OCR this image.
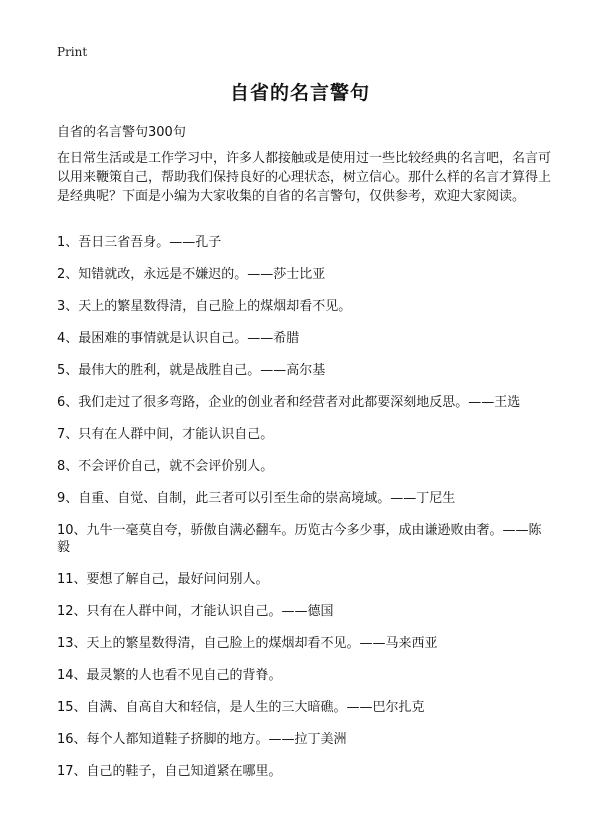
Print
自省的名言警句
自省的名言警句300句
在日常生活或是工作学习中，许多人都接触或是使用过一些比较经典的名言吧，名言可以用来鞭策自己，帮助我们保持良好的心理状态，树立信心。那什么样的名言才算得上是经典呢？下面是小编为大家收集的自省的名言警句，仅供参考，欢迎大家阅读。
1、吾日三省吾身。——孔子
2、知错就改，永远是不嫌迟的。——莎士比亚
3、天上的繁星数得清，自己脸上的煤烟却看不见。
4、最困难的事情就是认识自己。——希腊
5、最伟大的胜利，就是战胜自己。——高尔基
6、我们走过了很多弯路，企业的创业者和经营者对此都要深刻地反思。——王选
7、只有在人群中间，才能认识自己。
8、不会评价自己，就不会评价别人。
9、自重、自觉、自制，此三者可以引至生命的崇高境域。——丁尼生
10、九牛一毫莫自夸，骄傲自满必翻车。历览古今多少事，成由谦逊败由奢。——陈毅
11、要想了解自己，最好问问别人。
12、只有在人群中间，才能认识自己。——德国
13、天上的繁星数得清，自己脸上的煤烟却看不见。——马来西亚
14、最灵繁的人也看不见自己的背脊。
15、自满、自高自大和轻信，是人生的三大暗礁。——巴尔扎克
16、每个人都知道鞋子挤脚的地方。——拉丁美洲
17、自己的鞋子，自己知道紧在哪里。
